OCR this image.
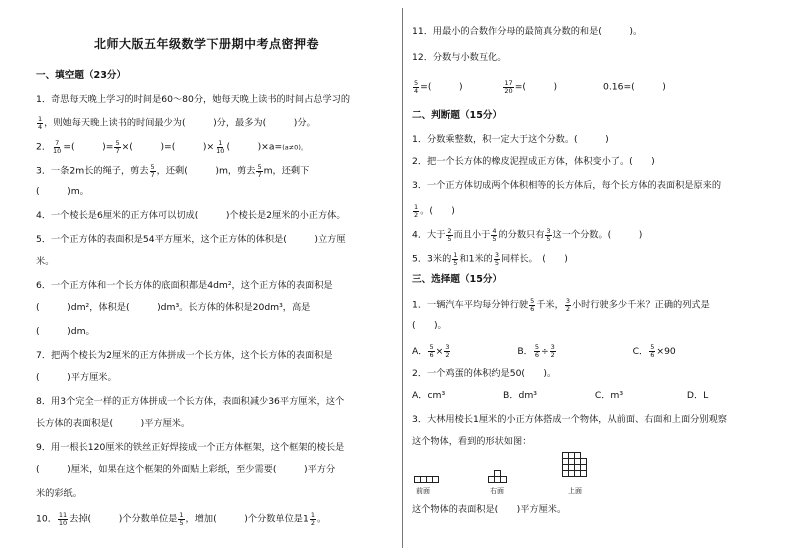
北师大版五年级数学下册期中考点密押卷
一、填空题（23分）
1．奇思每天晚上学习的时间是60～80分，她每天晚上读书的时间占总学习的
$\frac{1}{4}$ ，则她每天晚上读书的时间最少为(　　　)分，最多为(　　　)分。
2． $\frac{7}{10}$ =(　　　)= $\frac{5}{7}$ ×(　　　)=(　　　)× $\frac{1}{10}$ (　　　)×a=(a≠0)。
3．一条2m长的绳子，剪去 $\frac{5}{7}$ ，还剩(　　　)m，剪去 $\frac{5}{7}$ m，还剩下
(　　　)m。
4．一个棱长是6厘米的正方体可以切成(　　　)个棱长是2厘米的小正方体。
5．一个正方体的表面积是54平方厘米，这个正方体的体积是(　　　)立方厘
米。
6．一个正方体和一个长方体的底面积都是4dm²，这个正方体的表面积是
(　　　)dm²，体积是(　　　)dm³。长方体的体积是20dm³，高是
(　　　)dm。
7．把两个棱长为2厘米的正方体拼成一个长方体，这个长方体的表面积是
(　　　)平方厘米。
8．用3个完全一样的正方体拼成一个长方体，表面积减少36平方厘米，这个
长方体的表面积是(　　　)平方厘米。
9．用一根长120厘米的铁丝正好焊接成一个正方体框架，这个框架的棱长是
(　　　)厘米，如果在这个框架的外面贴上彩纸，至少需要(　　　)平方分
米的彩纸。
10． $\frac{11}{10}$ 去掉(　　　)个分数单位是 $\frac{1}{5}$ ，增加(　　　)个分数单位是$1 \frac{1}{2}$ 。
11．用最小的合数作分母的最简真分数的和是(　　　)。
12．分数与小数互化。
$\frac{5}{4}$ =(　　　)	$\frac{17}{20}$ =(　　　)	0.16=(　　　)
二、判断题（15分）
1．分数乘整数，积一定大于这个分数。(　　　)
2．把一个长方体的橡皮泥捏成正方体，体积变小了。(　　)
3．一个正方体切成两个体积相等的长方体后，每个长方体的表面积是原来的
$\frac{1}{2}$ 。(　　)
4．大于 $\frac{2}{5}$ 而且小于 $\frac{4}{5}$ 的分数只有 $\frac{3}{5}$ 这一个分数。(　　　)
5．3米的 $\frac{1}{5}$ 和1米的 $\frac{3}{5}$ 同样长。　(　　)
三、选择题（15分）
1．一辆汽车平均每分钟行驶 $\frac{5}{6}$ 千米， $\frac{3}{2}$ 小时行驶多少千米？正确的列式是
(　　)。
A． $\frac{5}{6} \times \frac{3}{2}$	B． $\frac{5}{6} \div \frac{3}{2}$	C． $\frac{5}{6} \times 90$
2．一个鸡蛋的体积约是50(　　)。
A．cm³	B．dm³	C．m³	D．L
3．大林用棱长1厘米的小正方体搭成一个物体，从前面、右面和上面分别观察
这个物体，看到的形状如图：
前面	右面	上面
这个物体的表面积是(　　)平方厘米。
